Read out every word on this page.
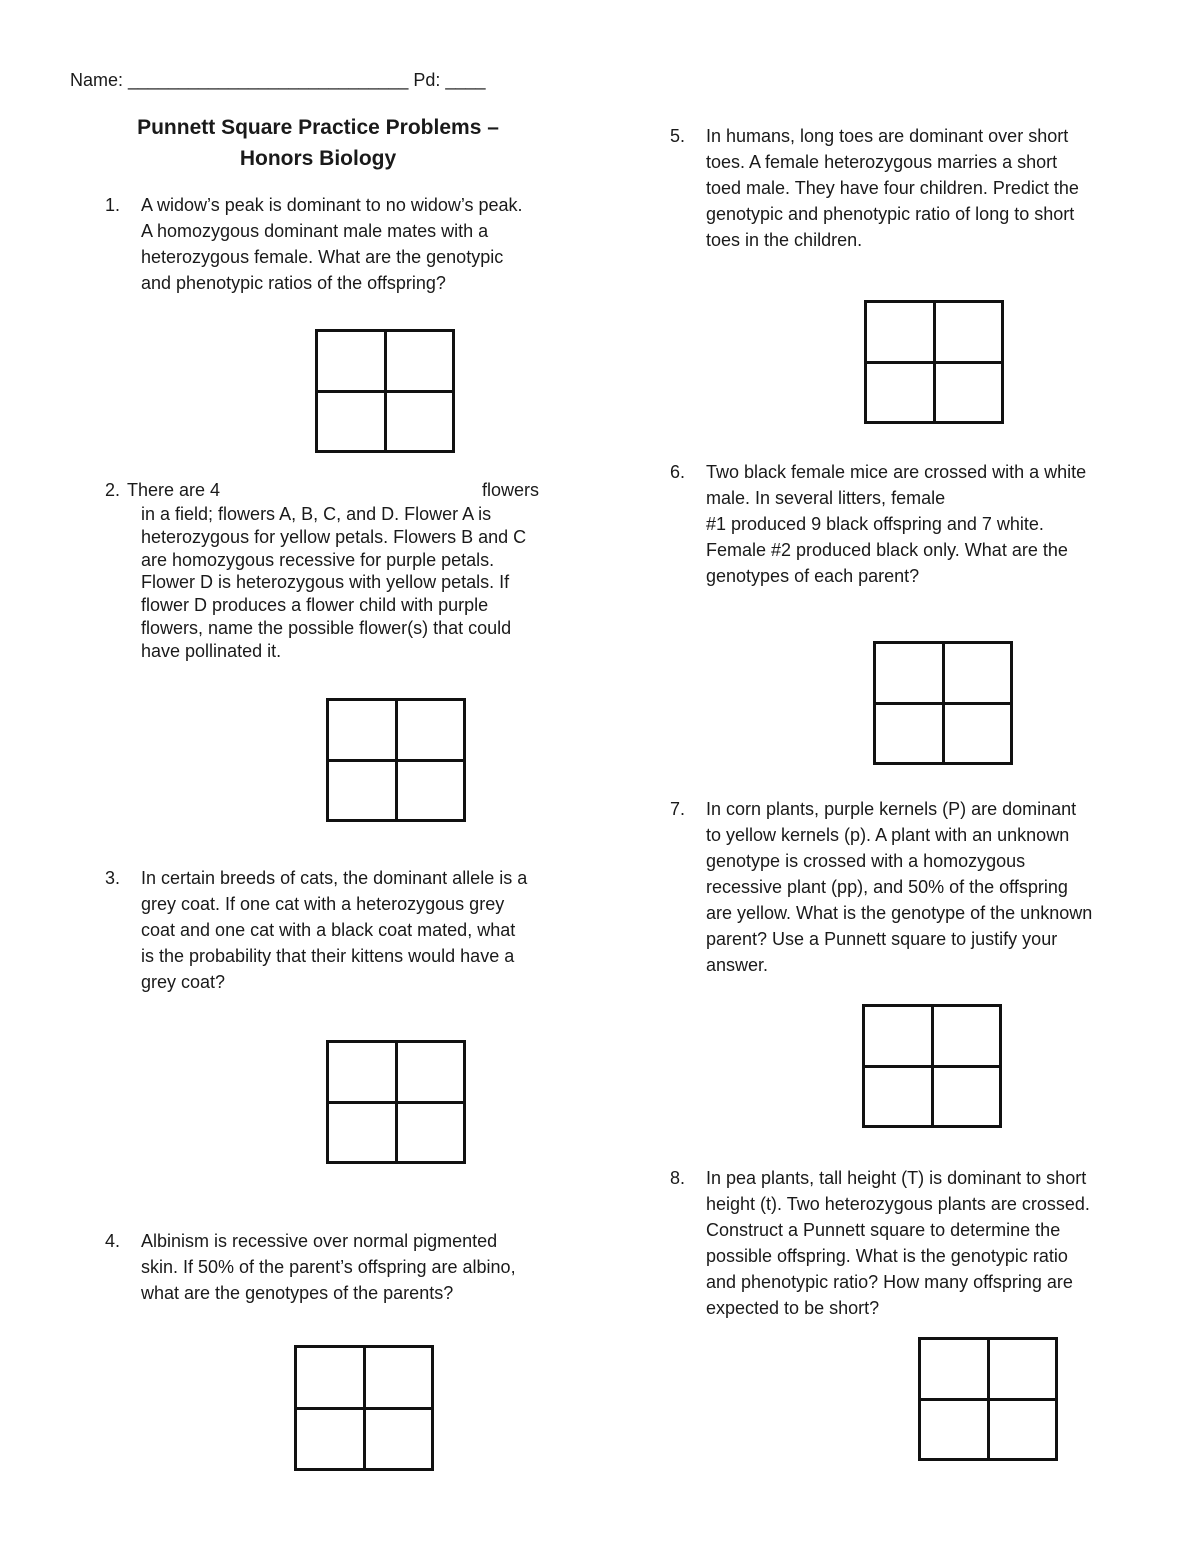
Name: ____________________________ Pd: ____
Punnett Square Practice Problems –
Honors Biology
1. A widow’s peak is dominant to no widow’s peak.
A homozygous dominant male mates with a
heterozygous female. What are the genotypic
and phenotypic ratios of the offspring?
2. There are 4	flowers
in a field; flowers A, B, C, and D. Flower A is
heterozygous for yellow petals. Flowers B and C
are homozygous recessive for purple petals.
Flower D is heterozygous with yellow petals. If
flower D produces a flower child with purple
flowers, name the possible flower(s) that could
have pollinated it.
3. In certain breeds of cats, the dominant allele is a
grey coat. If one cat with a heterozygous grey
coat and one cat with a black coat mated, what
is the probability that their kittens would have a
grey coat?
4. Albinism is recessive over normal pigmented
skin. If 50% of the parent’s offspring are albino,
what are the genotypes of the parents?
5. In humans, long toes are dominant over short
toes. A female heterozygous marries a short
toed male. They have four children. Predict the
genotypic and phenotypic ratio of long to short
toes in the children.
6. Two black female mice are crossed with a white
male. In several litters, female
#1 produced 9 black offspring and 7 white.
Female #2 produced black only. What are the
genotypes of each parent?
7. In corn plants, purple kernels (P) are dominant
to yellow kernels (p). A plant with an unknown
genotype is crossed with a homozygous
recessive plant (pp), and 50% of the offspring
are yellow. What is the genotype of the unknown
parent? Use a Punnett square to justify your
answer.
8. In pea plants, tall height (T) is dominant to short
height (t). Two heterozygous plants are crossed.
Construct a Punnett square to determine the
possible offspring. What is the genotypic ratio
and phenotypic ratio? How many offspring are
expected to be short?
